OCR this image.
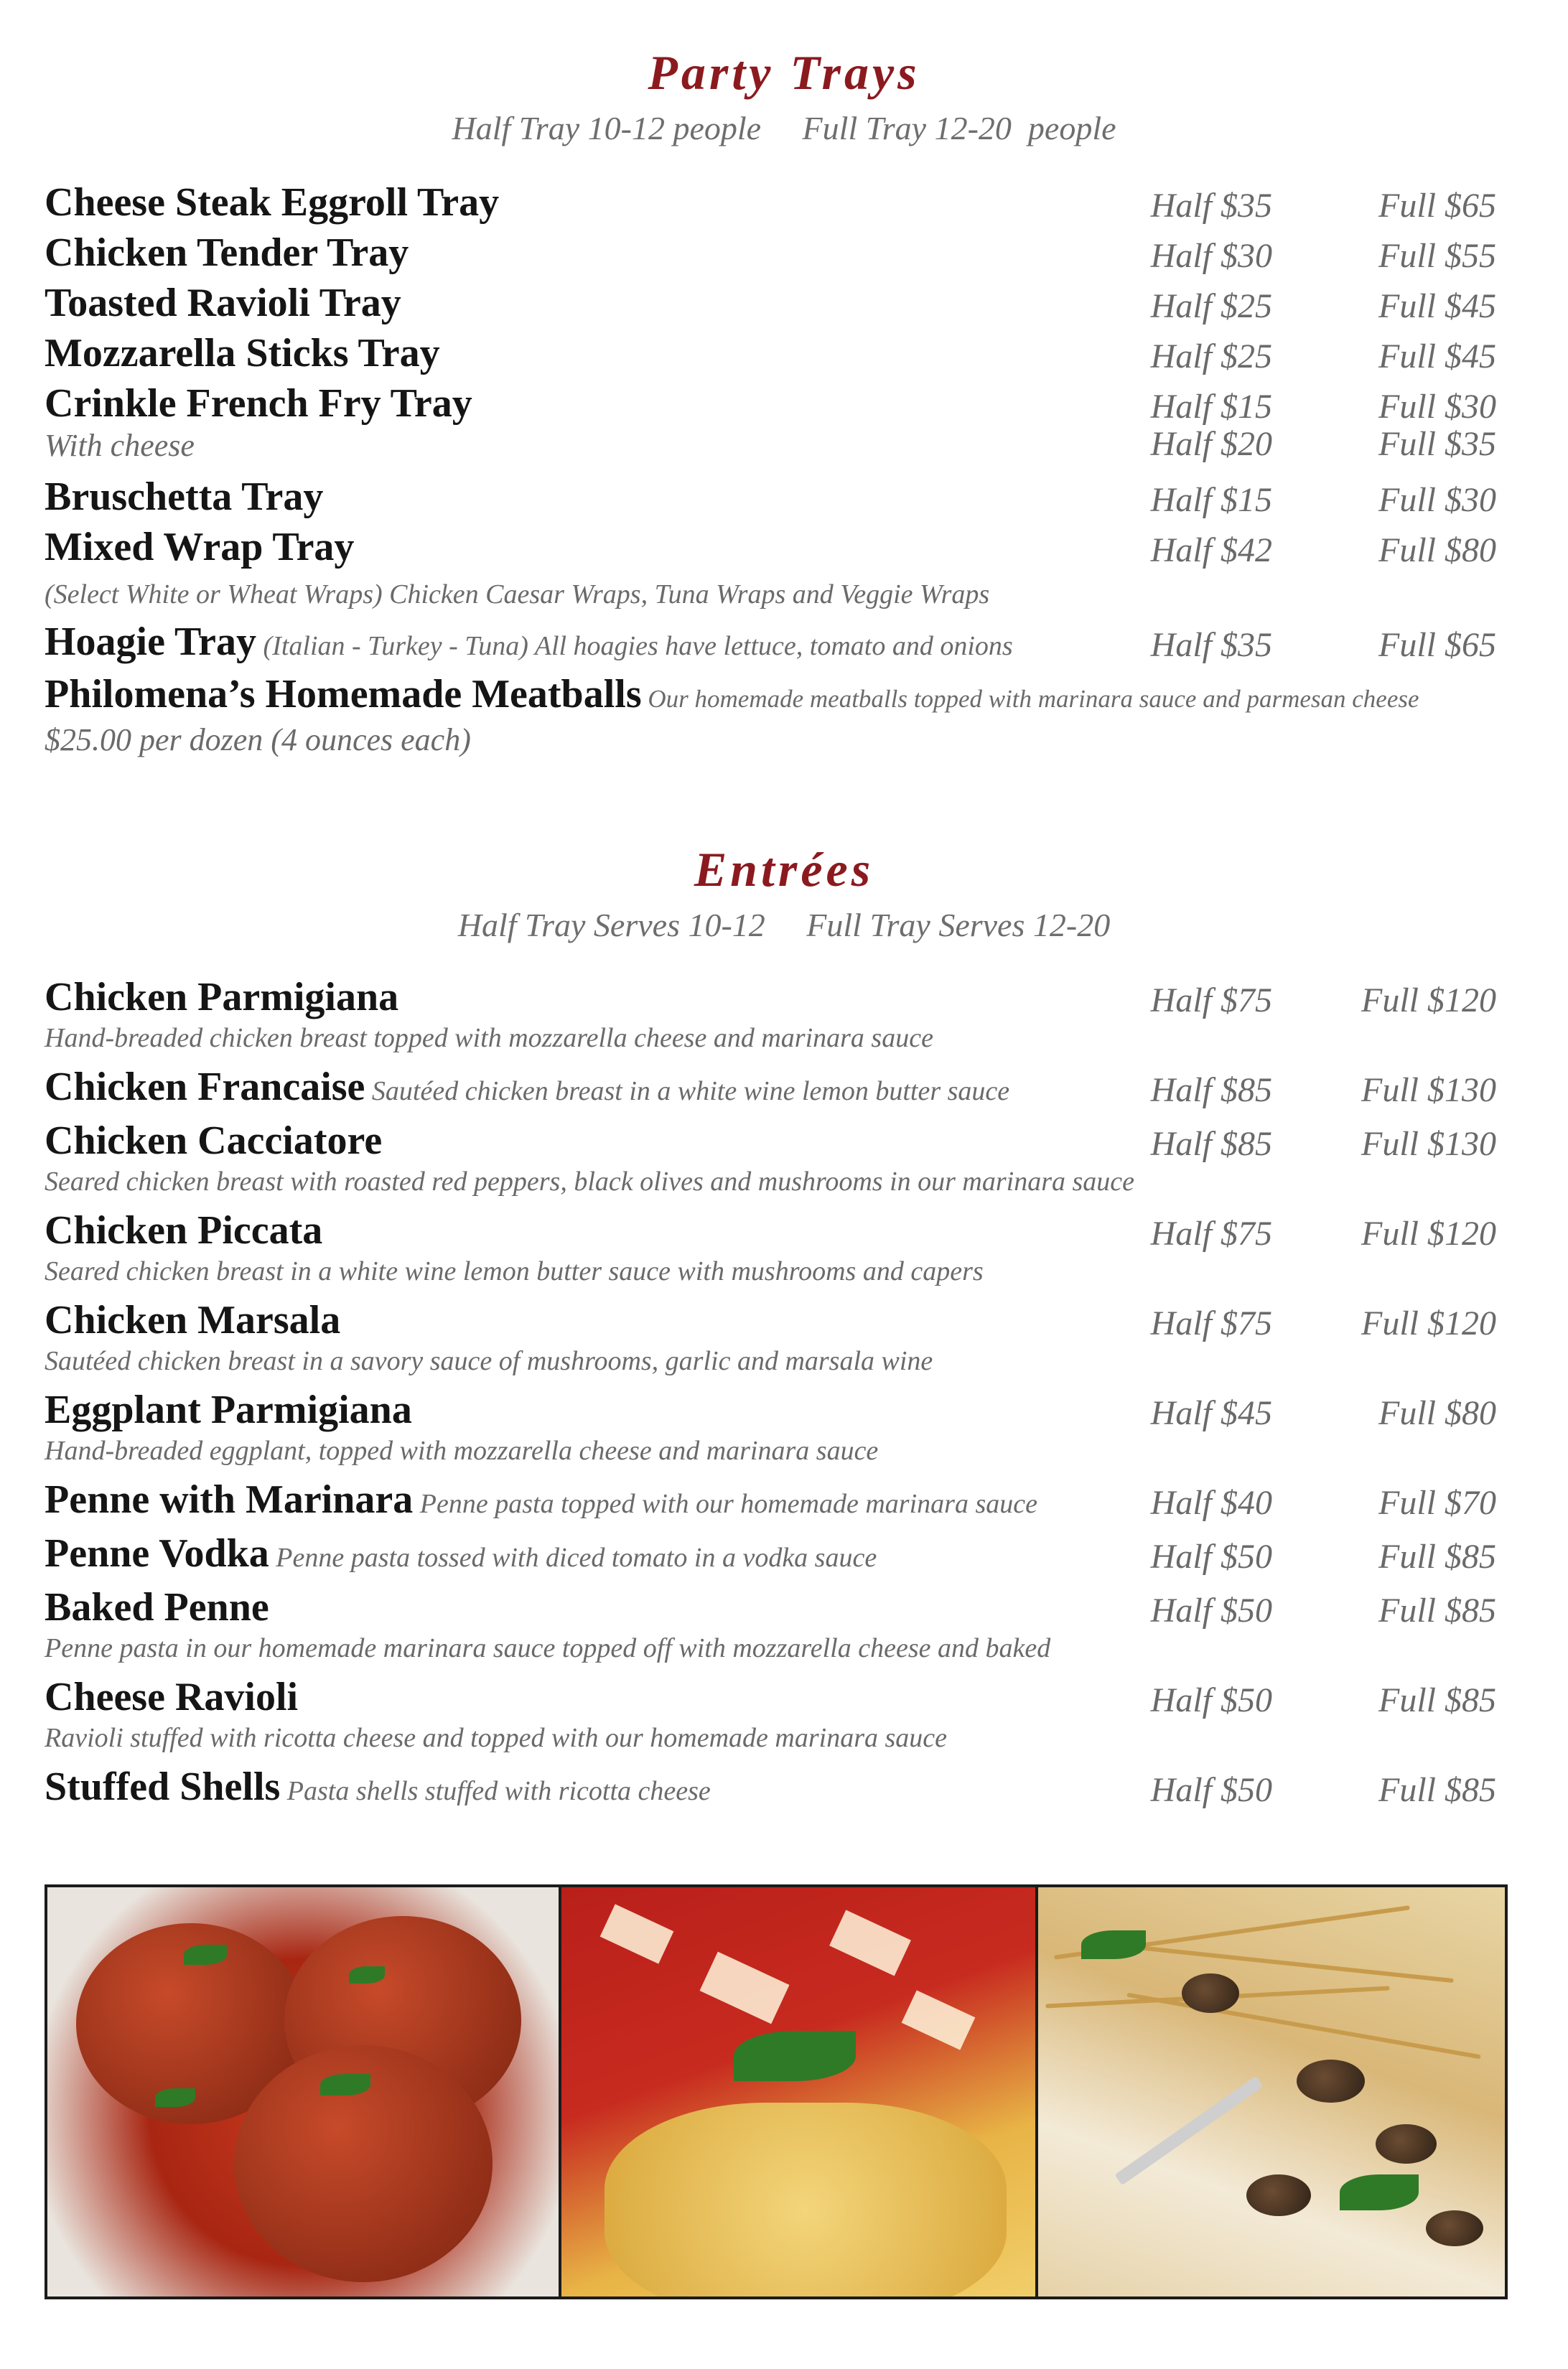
Party Trays
Half Tray 10-12 people     Full Tray 12-20  people
Cheese Steak Eggroll Tray	Half $35	Full $65
Chicken Tender Tray	Half $30	Full $55
Toasted Ravioli Tray	Half $25	Full $45
Mozzarella Sticks Tray	Half $25	Full $45
Crinkle French Fry Tray	Half $15	Full $30
With cheese	Half $20	Full $35
Bruschetta Tray	Half $15	Full $30
Mixed Wrap Tray	Half $42	Full $80
(Select White or Wheat Wraps) Chicken Caesar Wraps, Tuna Wraps and Veggie Wraps
Hoagie Tray (Italian - Turkey - Tuna) All hoagies have lettuce, tomato and onions	Half $35	Full $65
Philomena’s Homemade Meatballs Our homemade meatballs topped with marinara sauce and parmesan cheese
$25.00 per dozen (4 ounces each)
Entrées
Half Tray Serves 10-12     Full Tray Serves 12-20
Chicken Parmigiana	Half $75	Full $120
Hand-breaded chicken breast topped with mozzarella cheese and marinara sauce
Chicken Francaise Sautéed chicken breast in a white wine lemon butter sauce	Half $85	Full $130
Chicken Cacciatore	Half $85	Full $130
Seared chicken breast with roasted red peppers, black olives and mushrooms in our marinara sauce
Chicken Piccata	Half $75	Full $120
Seared chicken breast in a white wine lemon butter sauce with mushrooms and capers
Chicken Marsala	Half $75	Full $120
Sautéed chicken breast in a savory sauce of mushrooms, garlic and marsala wine
Eggplant Parmigiana	Half $45	Full $80
Hand-breaded eggplant, topped with mozzarella cheese and marinara sauce
Penne with Marinara Penne pasta topped with our homemade marinara sauce	Half $40	Full $70
Penne Vodka Penne pasta tossed with diced tomato in a vodka sauce	Half $50	Full $85
Baked Penne	Half $50	Full $85
Penne pasta in our homemade marinara sauce topped off with mozzarella cheese and baked
Cheese Ravioli	Half $50	Full $85
Ravioli stuffed with ricotta cheese and topped with our homemade marinara sauce
Stuffed Shells Pasta shells stuffed with ricotta cheese	Half $50	Full $85
